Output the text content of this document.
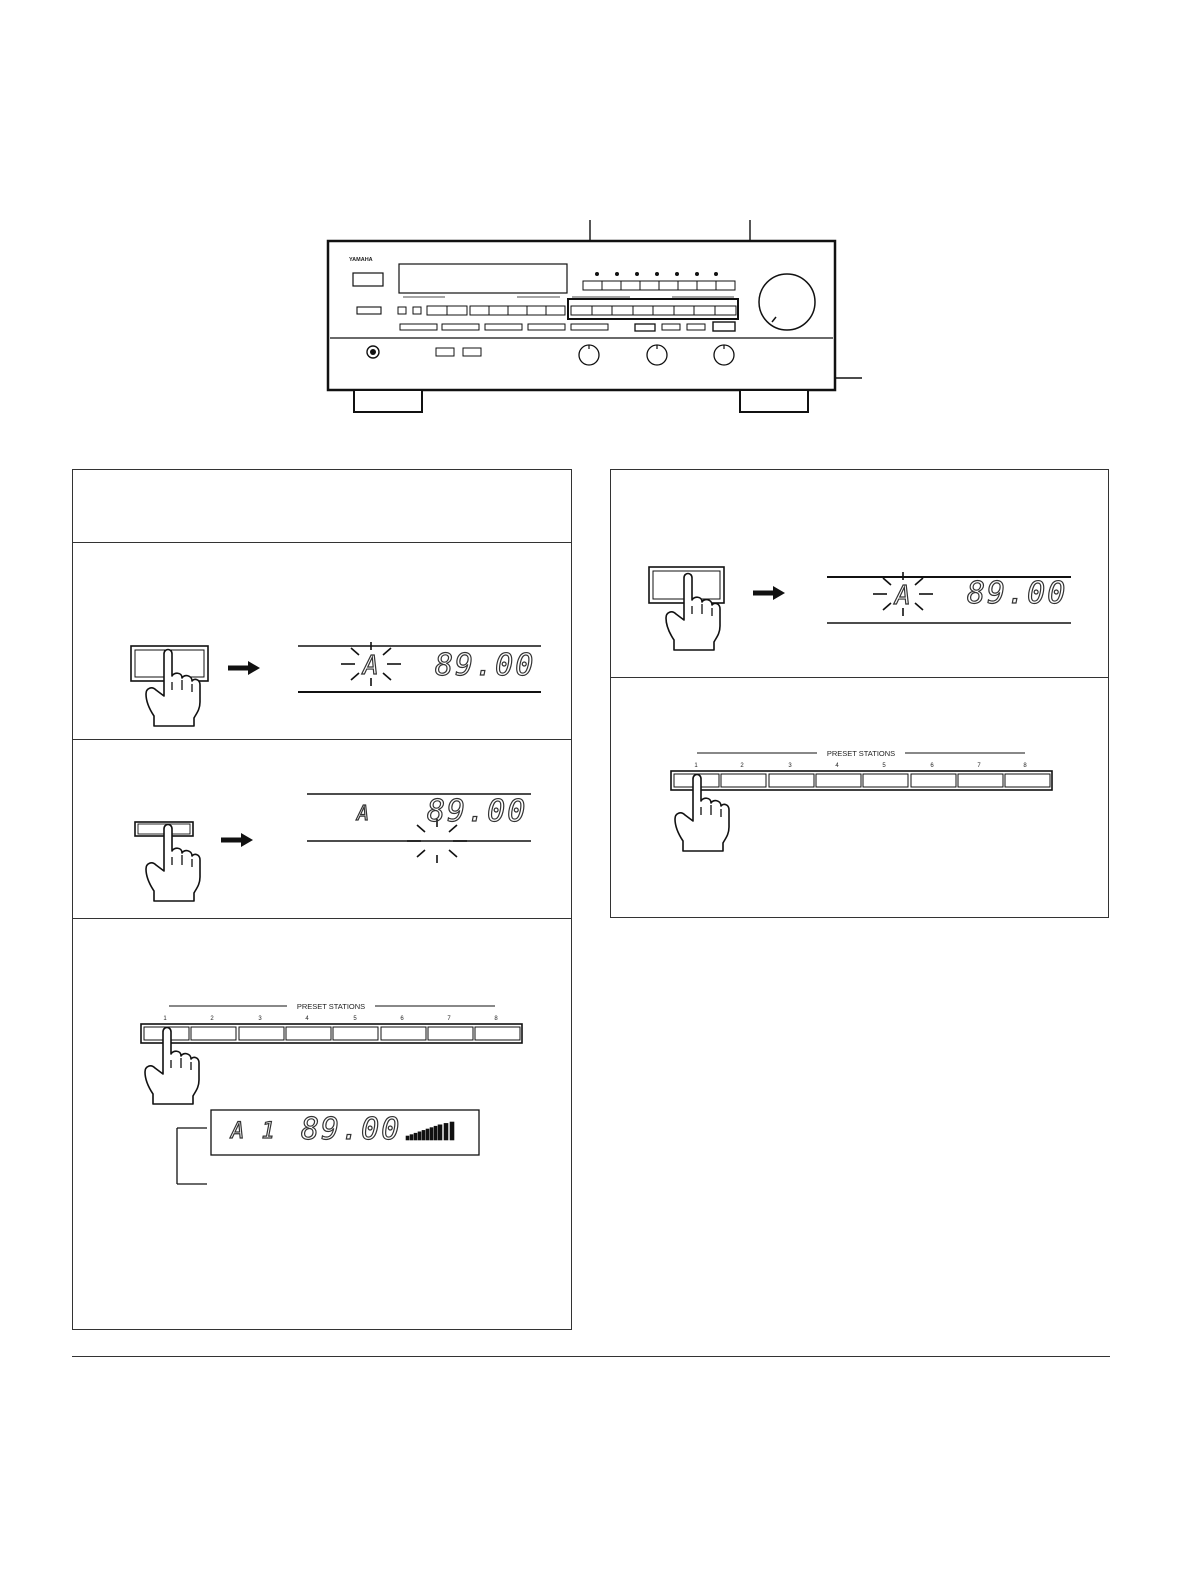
YAMAHA
A 89.00
A 89.00
PRESET STATIONS
1	2	3	4	5	6	7	8
A 1 89.00
A 89.00
PRESET STATIONS
1	2	3	4	5	6	7	8
